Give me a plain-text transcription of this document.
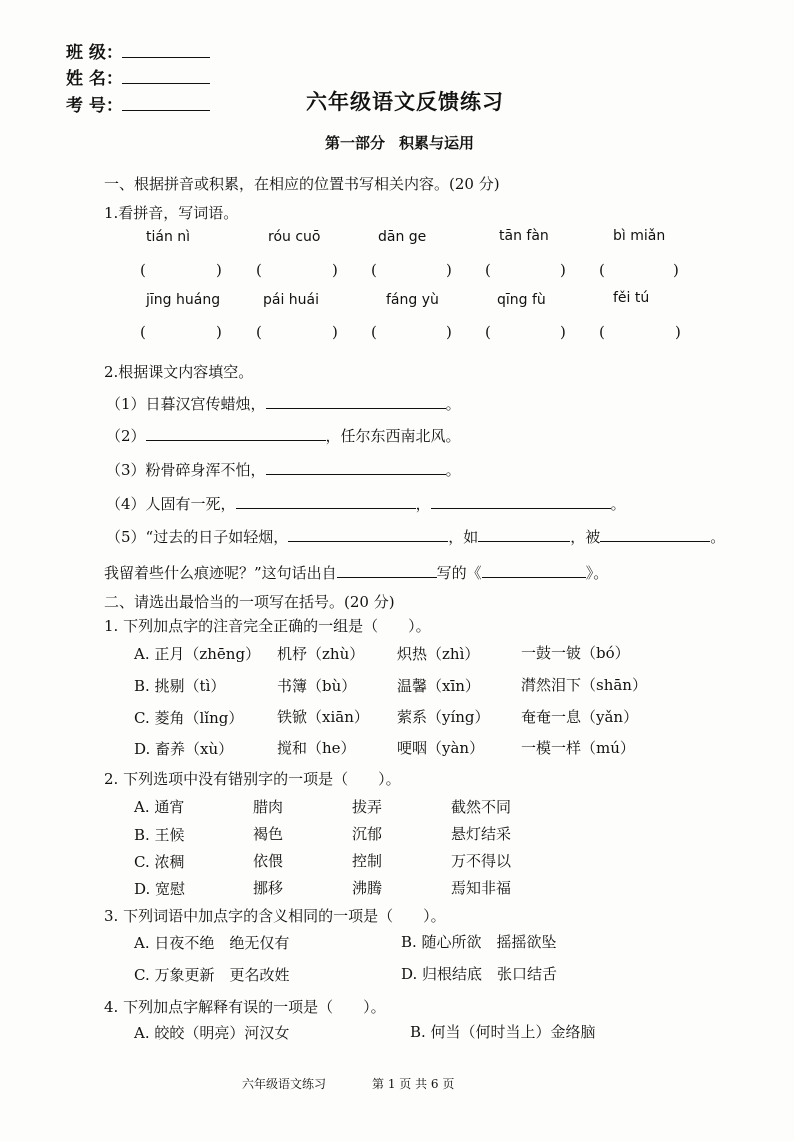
班 级：
姓 名：
考 号：	六年级语文反馈练习
第一部分 积累与运用
一、根据拼音或积累，在相应的位置书写相关内容。(20 分)
1.看拼音，写词语。
tián nì	róu cuō	dān ge	tān fàn	bì miǎn
(	) (	) (	) (	) (	)
jīng huáng	pái huái	fáng yù	qīng fù	fěi tú
(	) (	) (	) (	) (	)
2.根据课文内容填空。
（1）日暮汉宫传蜡烛，	。
（2）	，任尔东西南北风。
（3）粉骨碎身浑不怕，	。
（4）人固有一死，	，	。
（5）“过去的日子如轻烟，	，如	，被	。
我留着些什么痕迹呢？”这句话出自	写的《	》。
二、请选出最恰当的一项写在括号。(20 分)
1. 下列加点字的注音完全正确的一组是（　　）。
A. 正月（zhēng） 机杼（zhù） 炽热（zhì）	一鼓一铍（bó）
B. 挑剔（tì）	书簿（bù）	温馨（xīn）	潸然泪下（shān）
C. 菱角（lǐng） 铁锨（xiān） 萦系（yíng） 奄奄一息（yǎn）
D. 畜养（xù）	搅和（he）	哽咽（yàn） 一模一样（mú）
2. 下列选项中没有错别字的一项是（　　）。
A. 通宵	腊肉	拔弄	截然不同
B. 王候	褐色	沉郁	悬灯结采
C. 浓稠	依偎	控制	万不得以
D. 宽慰	挪移	沸腾	焉知非福
3. 下列词语中加点字的含义相同的一项是（　　）。
A. 日夜不绝　绝无仅有	B. 随心所欲　摇摇欲坠
C. 万象更新　更名改姓	D. 归根结底　张口结舌
4. 下列加点字解释有误的一项是（　　）。
A. 皎皎（明亮）河汉女	B. 何当（何时当上）金络脑
六年级语文练习	第 1 页 共 6 页
